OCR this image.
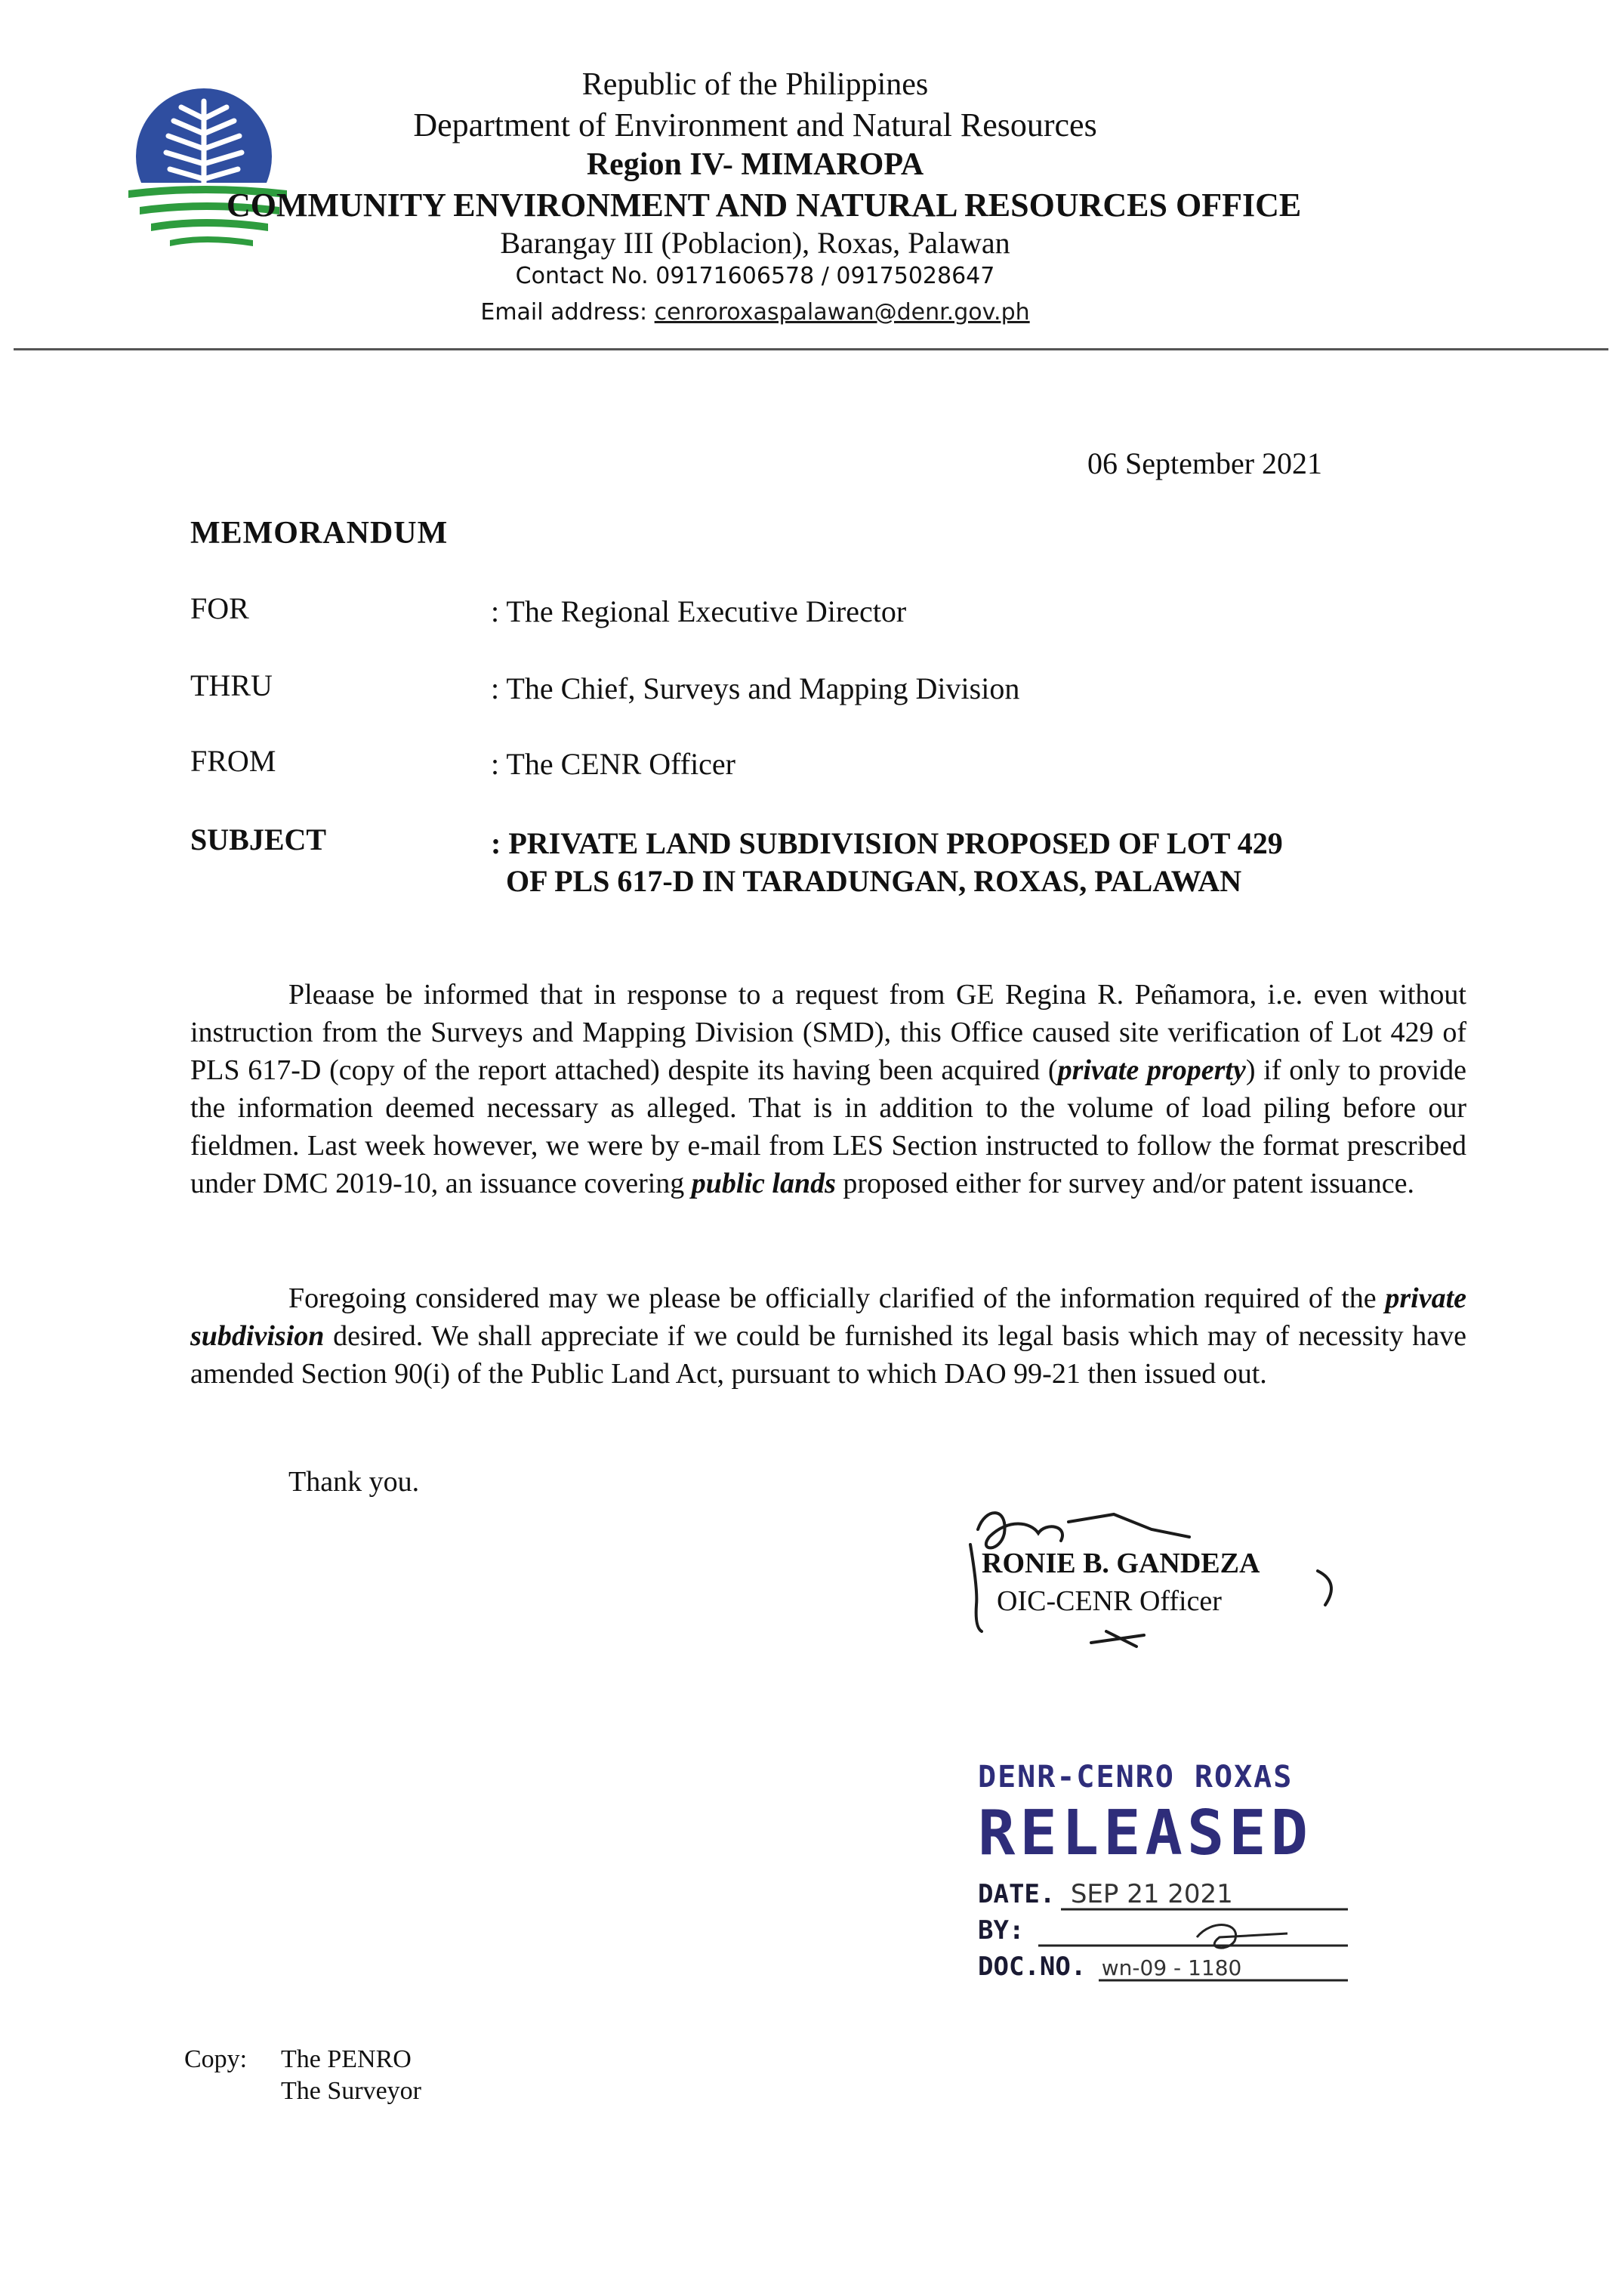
Republic of the Philippines
Department of Environment and Natural Resources
Region IV- MIMAROPA
COMMUNITY ENVIRONMENT AND NATURAL RESOURCES OFFICE
Barangay III (Poblacion), Roxas, Palawan
Contact No. 09171606578 / 09175028647
Email address: cenroroxaspalawan@denr.gov.ph
06 September 2021
MEMORANDUM
FOR	: The Regional Executive Director
THRU	: The Chief, Surveys and Mapping Division
FROM	: The CENR Officer
SUBJECT	: PRIVATE LAND SUBDIVISION PROPOSED OF LOT 429
OF PLS 617-D IN TARADUNGAN, ROXAS, PALAWAN

Pleaase be informed that in response to a request from GE Regina R. Peñamora, i.e. even without instruction from the Surveys and Mapping Division (SMD), this Office caused site verification of Lot 429 of PLS 617-D (copy of the report attached) despite its having been acquired (private property) if only to provide the information deemed necessary as alleged. That is in addition to the volume of load piling before our fieldmen. Last week however, we were by e-mail from LES Section instructed to follow the format prescribed under DMC 2019-10, an issuance covering public lands proposed either for survey and/or patent issuance.

Foregoing considered may we please be officially clarified of the information required of the private subdivision desired. We shall appreciate if we could be furnished its legal basis which may of necessity have amended Section 90(i) of the Public Land Act, pursuant to which DAO 99-21 then issued out.

Thank you.
RONIE B. GANDEZA
OIC-CENR Officer
DENR-CENRO ROXAS
RELEASED
DATE. SEP 21 2021
BY:
DOC.NO. wn-09 - 1180
Copy: The PENRO
The Surveyor
